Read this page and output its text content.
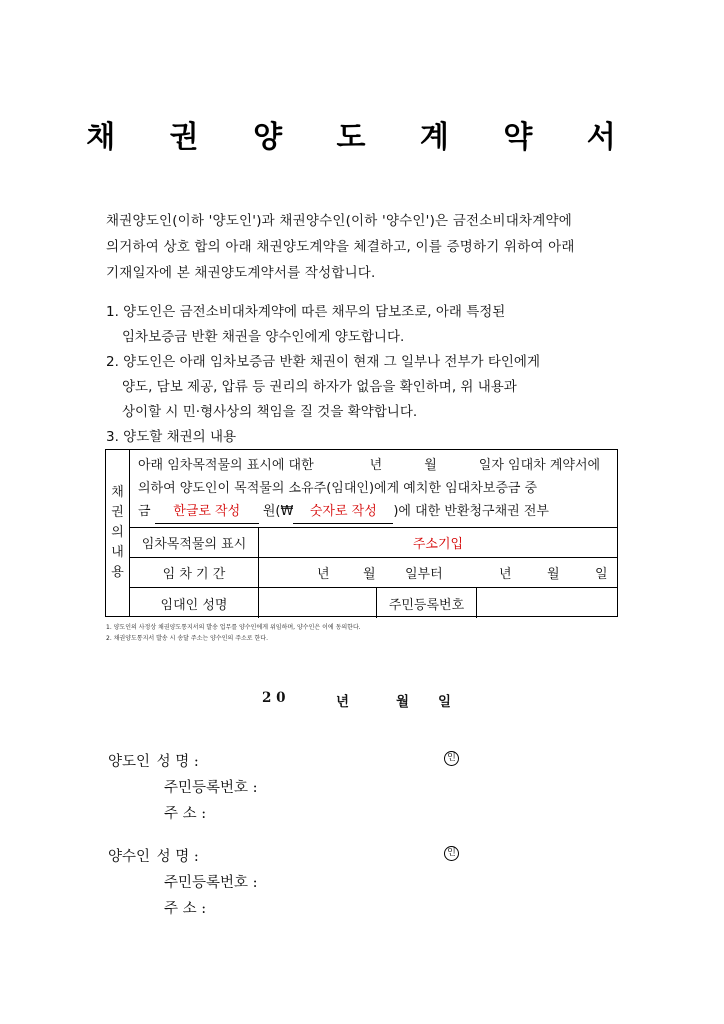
채 권 양 도 계 약 서
채권양도인(이하 '양도인')과 채권양수인(이하 '양수인')은 금전소비대차계약에
의거하여 상호 합의 아래 채권양도계약을 체결하고, 이를 증명하기 위하여 아래
기재일자에 본 채권양도계약서를 작성합니다.
1. 양도인은 금전소비대차계약에 따른 채무의 담보조로, 아래 특정된
임차보증금 반환 채권을 양수인에게 양도합니다.
2. 양도인은 아래 임차보증금 반환 채권이 현재 그 일부나 전부가 타인에게
양도, 담보 제공, 압류 등 권리의 하자가 없음을 확인하며, 위 내용과
상이할 시 민·형사상의 책임을 질 것을 확약합니다.
3. 양도할 채권의 내용
채
권
의
내
용
아래 임차목적물의 표시에 대한	년	월	일자 임대차 계약서에
의하여 양도인이 목적물의 소유주(임대인)에게 예치한 임대차보증금 중
금 한글로 작성 원(₩ 숫자로 작성 )에 대한 반환청구채권 전부
임차목적물의 표시	주소기입
임 차 기 간	년	월 일부터	년	월	일
임대인 성명	주민등록번호
1. 양도인의 사정상 채권양도통지서의 발송 업무를 양수인에게 위임하며, 양수인은 이에 동의한다.
2. 채권양도통지서 발송 시 송달 주소는 양수인의 주소로 한다.
2 0	년	월 일
양도인 성 명 :	인
주민등록번호 :
주 소 :
양수인 성 명 :	인
주민등록번호 :
주 소 :
